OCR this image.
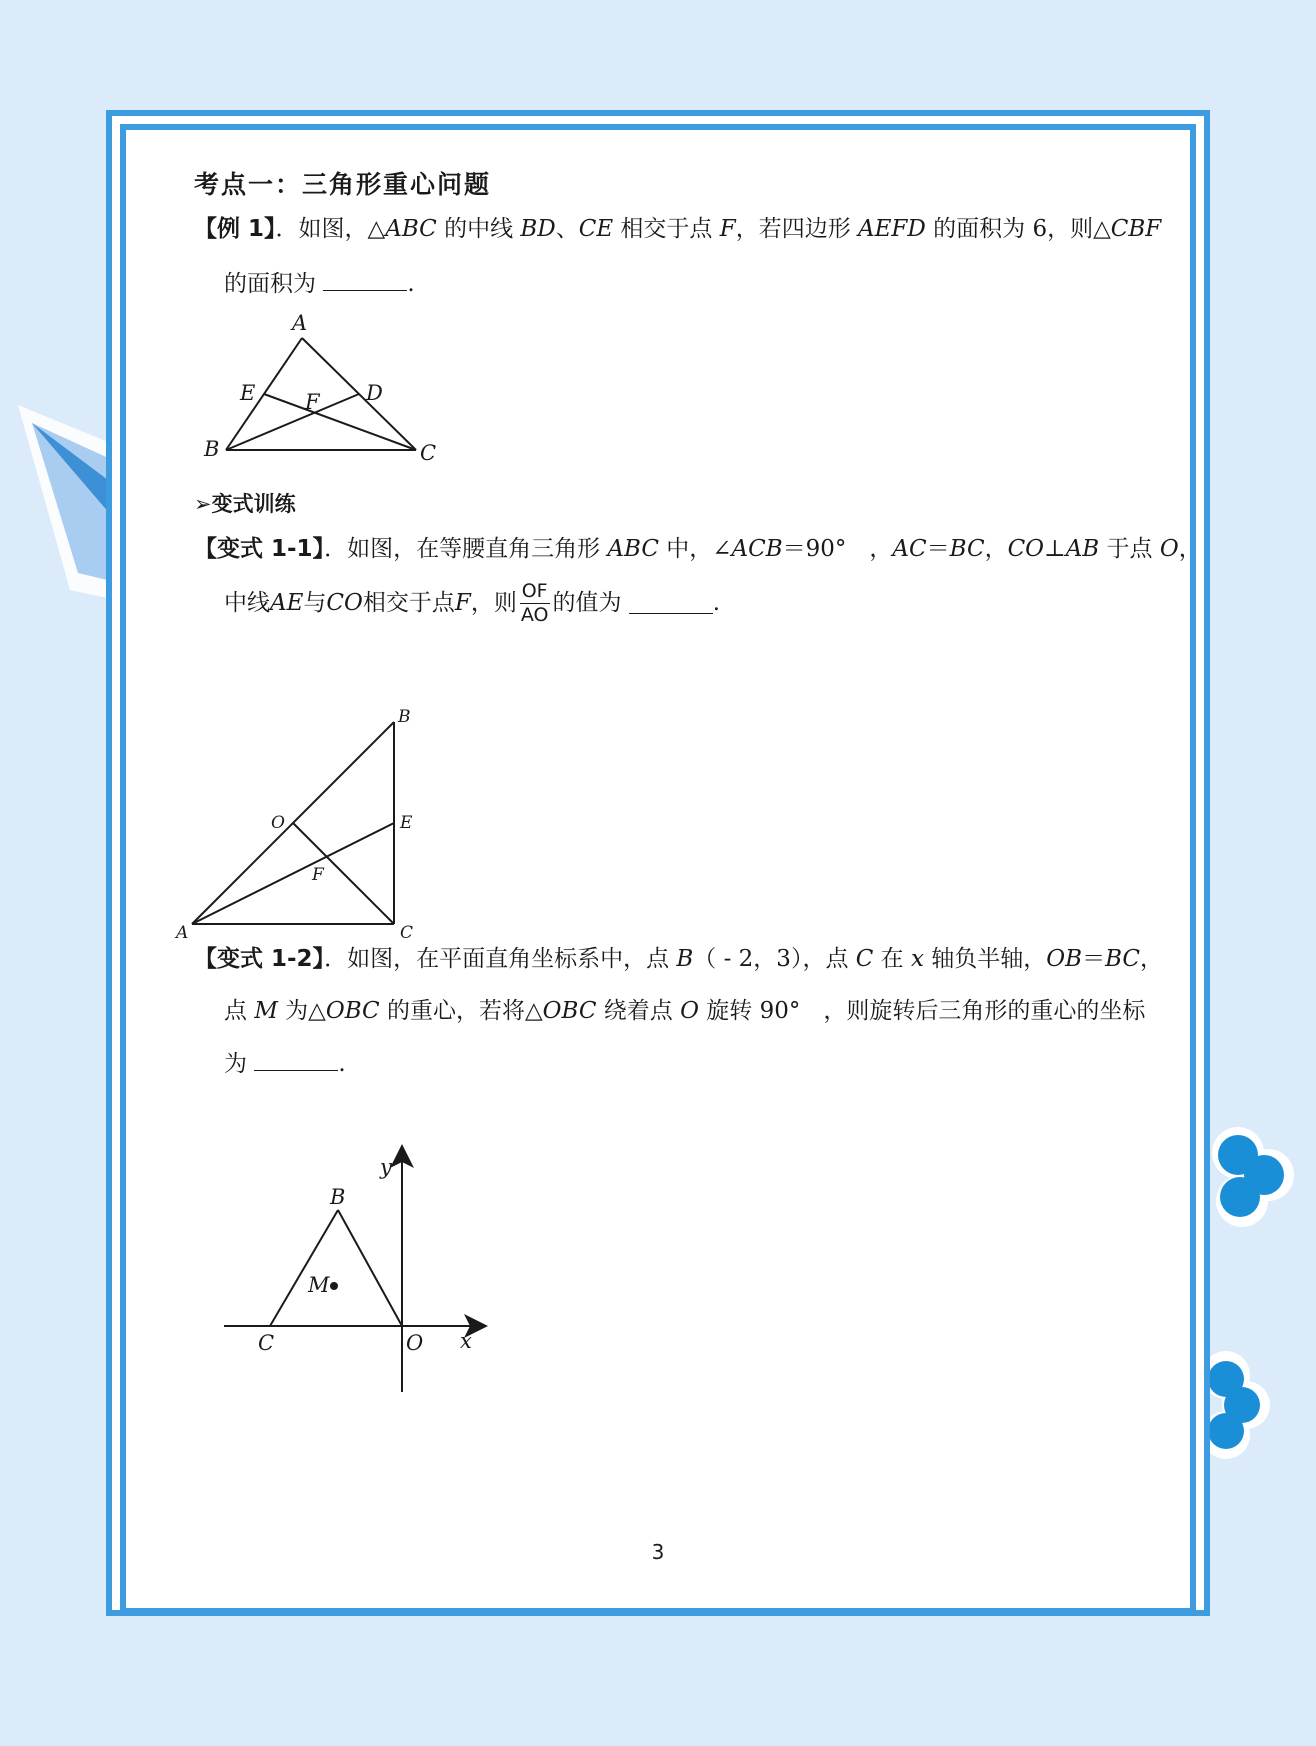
考点一：三角形重心问题
【例 1】．如图，△ABC 的中线 BD、CE 相交于点 F，若四边形 AEFD 的面积为 6，则△CBF
的面积为	.
A
B	C
D
E F
➢变式训练
【变式 1-1】．如图，在等腰直角三角形 ABC 中，∠ACB＝90°　，AC＝BC，CO⊥AB 于点 O，
中线 AE 与 CO 相交于点 F ，则 $\frac{OF}{AO}$ 的值为
	.
A
B
C
E
F
O
【变式 1-2】．如图，在平面直角坐标系中，点 B（ - 2，3），点 C 在 x 轴负半轴，OB＝BC，
点 M 为△OBC 的重心，若将△OBC 绕着点 O 旋转 90°　，则旋转后三角形的重心的坐标
为	.
y
x
B
M
C	O
3
